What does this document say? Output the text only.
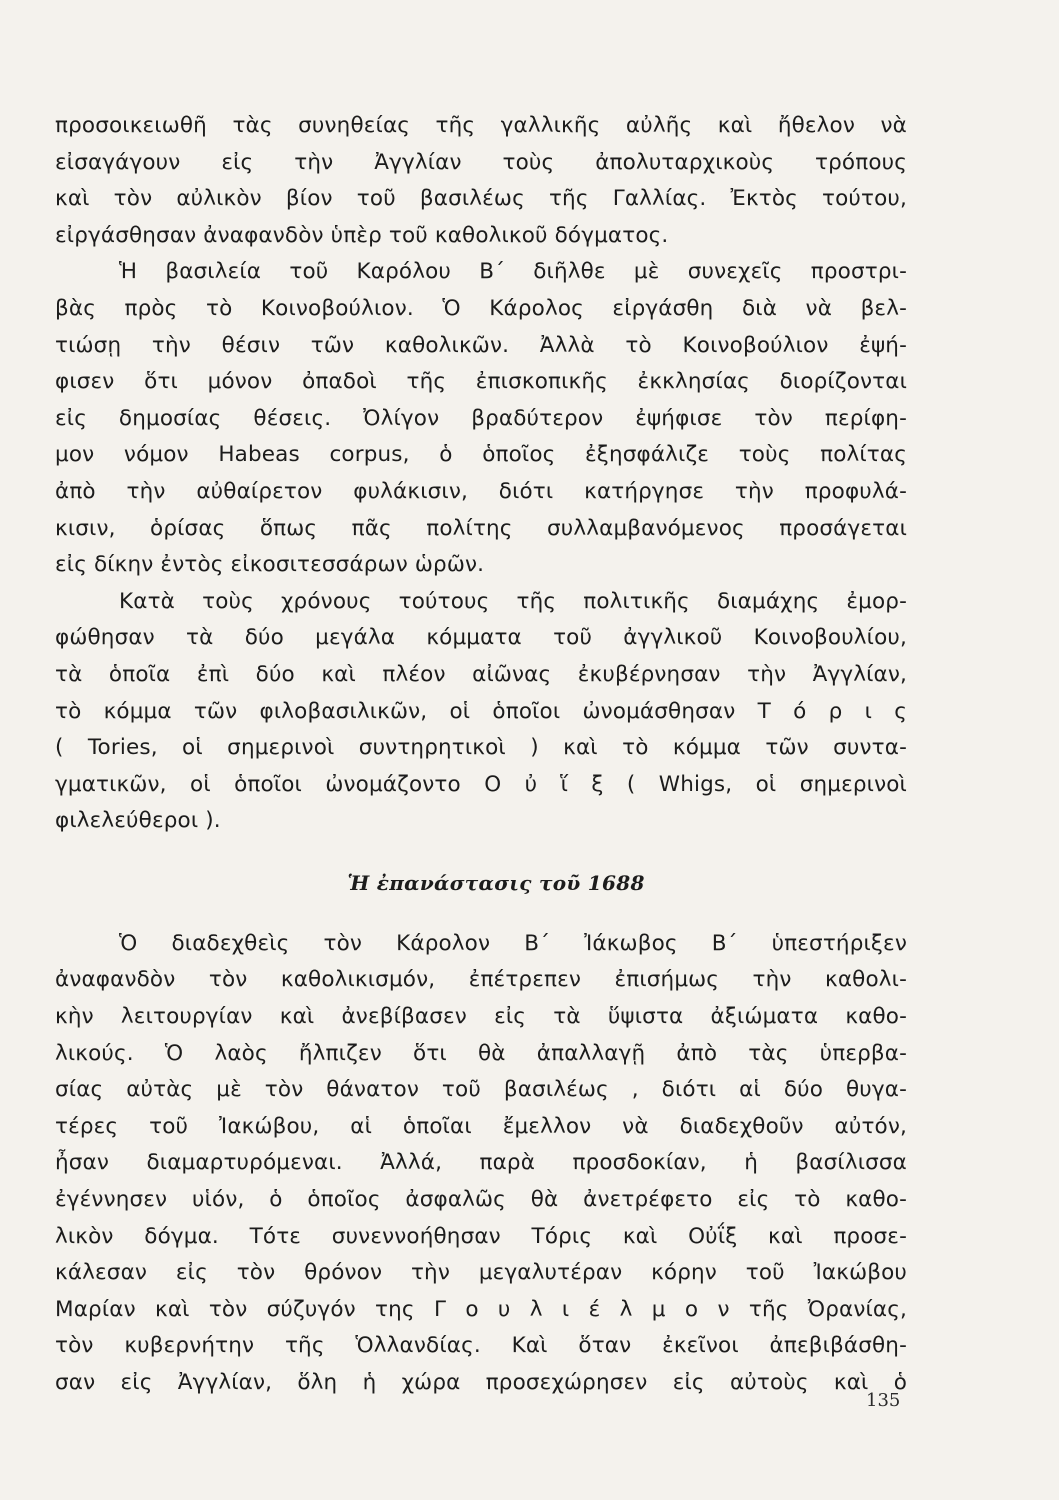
προσοικειωθῆ τὰς συνηθείας τῆς γαλλικῆς αὐλῆς καὶ ἤθελον νὰ
εἰσαγάγουν εἰς τὴν Ἀγγλίαν τοὺς ἀπολυταρχικοὺς τρόπους
καὶ τὸν αὐλικὸν βίον τοῦ βασιλέως τῆς Γαλλίας. Ἐκτὸς τούτου,
εἰργάσθησαν ἀναφανδὸν ὑπὲρ τοῦ καθολικοῦ δόγματος.
Ἡ βασιλεία τοῦ Καρόλου Β΄ διῆλθε μὲ συνεχεῖς προστρι-
βὰς πρὸς τὸ Κοινοβούλιον. Ὁ Κάρολος εἰργάσθη διὰ νὰ βελ-
τιώσῃ τὴν θέσιν τῶν καθολικῶν. Ἀλλὰ τὸ Κοινοβούλιον ἐψή-
φισεν ὅτι μόνον ὀπαδοὶ τῆς ἐπισκοπικῆς ἐκκλησίας διορίζονται
εἰς δημοσίας θέσεις. Ὀλίγον βραδύτερον ἐψήφισε τὸν περίφη-
μον νόμον Habeas corpus, ὁ ὁποῖος ἐξησφάλιζε τοὺς πολίτας
ἀπὸ τὴν αὐθαίρετον φυλάκισιν, διότι κατήργησε τὴν προφυλά-
κισιν, ὁρίσας ὅπως πᾶς πολίτης συλλαμβανόμενος προσάγεται
εἰς δίκην ἐντὸς εἰκοσιτεσσάρων ὡρῶν.
Κατὰ τοὺς χρόνους τούτους τῆς πολιτικῆς διαμάχης ἐμορ-
φώθησαν τὰ δύο μεγάλα κόμματα τοῦ ἀγγλικοῦ Κοινοβουλίου,
τὰ ὁποῖα ἐπὶ δύο καὶ πλέον αἰῶνας ἐκυβέρνησαν τὴν Ἀγγλίαν,
τὸ κόμμα τῶν φιλοβασιλικῶν, οἱ ὁποῖοι ὠνομάσθησαν Τ ό ρ ι ς
( Tories, οἱ σημερινοὶ συντηρητικοὶ ) καὶ τὸ κόμμα τῶν συντα-
γματικῶν, οἱ ὁποῖοι ὠνομάζοντο Ο ὐ ἵ ξ ( Whigs, οἱ σημερινοὶ
φιλελεύθεροι ).
Ἡ ἐπανάστασις τοῦ 1688
Ὁ διαδεχθεὶς τὸν Κάρολον Β΄ Ἰάκωβος Β΄ ὑπεστήριξεν
ἀναφανδὸν τὸν καθολικισμόν, ἐπέτρεπεν ἐπισήμως τὴν καθολι-
κὴν λειτουργίαν καὶ ἀνεβίβασεν εἰς τὰ ὕψιστα ἀξιώματα καθο-
λικούς. Ὁ λαὸς ἤλπιζεν ὅτι θὰ ἀπαλλαγῇ ἀπὸ τὰς ὑπερβα-
σίας αὐτὰς μὲ τὸν θάνατον τοῦ βασιλέως , διότι αἱ δύο θυγα-
τέρες τοῦ Ἰακώβου, αἱ ὁποῖαι ἔμελλον νὰ διαδεχθοῦν αὐτόν,
ἦσαν διαμαρτυρόμεναι. Ἀλλά, παρὰ προσδοκίαν, ἡ βασίλισσα
ἐγέννησεν υἱόν, ὁ ὁποῖος ἀσφαλῶς θὰ ἀνετρέφετο εἰς τὸ καθο-
λικὸν δόγμα. Τότε συνεννοήθησαν Τόρις καὶ Οὐΐξ καὶ προσε-
κάλεσαν εἰς τὸν θρόνον τὴν μεγαλυτέραν κόρην τοῦ Ἰακώβου
Μαρίαν καὶ τὸν σύζυγόν της Γ ο υ λ ι έ λ μ ο ν τῆς Ὀρανίας,
τὸν κυβερνήτην τῆς Ὁλλανδίας. Καὶ ὅταν ἐκεῖνοι ἀπεβιβάσθη-
σαν εἰς Ἀγγλίαν, ὅλη ἡ χώρα προσεχώρησεν εἰς αὐτοὺς καὶ ὁ
135
